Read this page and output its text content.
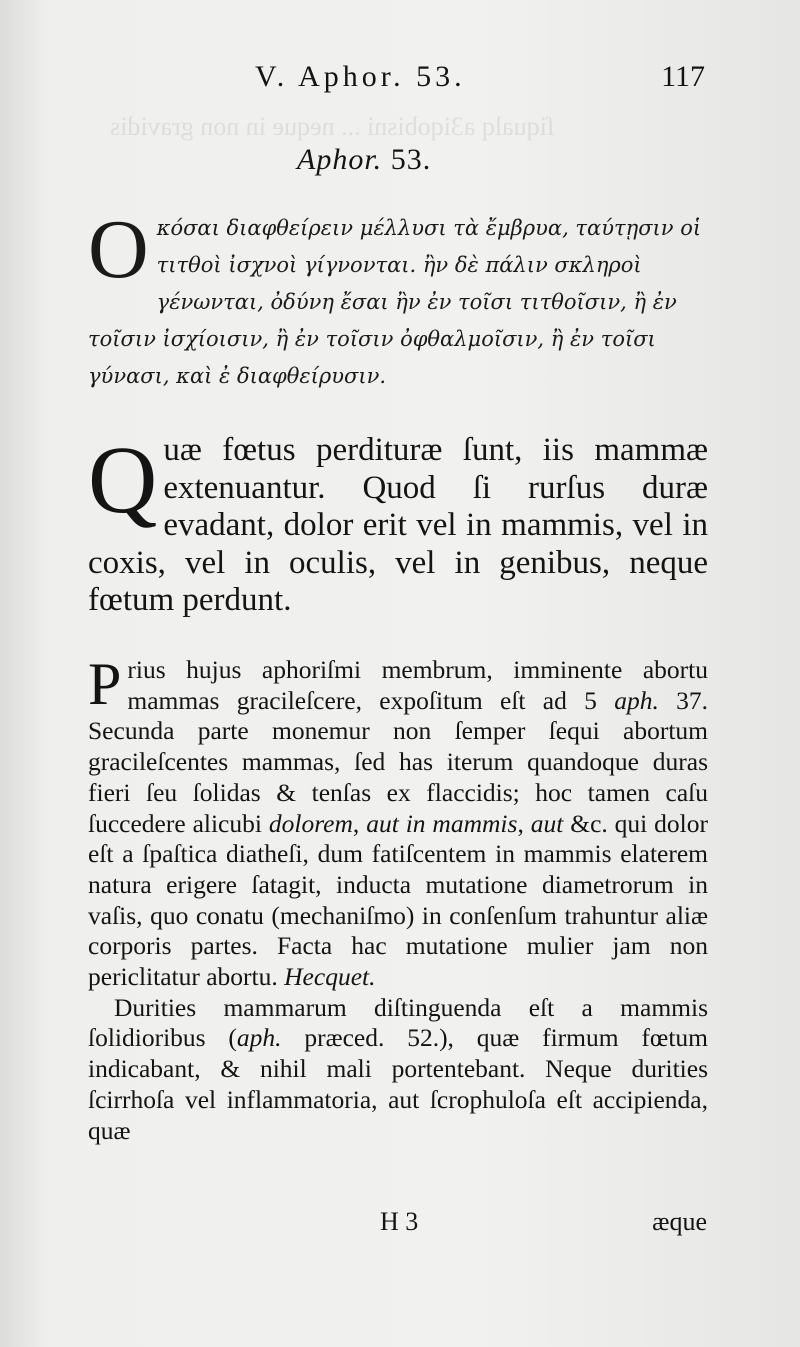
ſiqualq a3iqobisni ... neque in non gravidis
V. Aphor. 53.	117
Aphor. 53.
O κόσαι διαφθείρειν μέλλυσι τὰ ἔμβρυα, ταύτῃσιν οἱ τιτθοὶ ἰσχνοὶ γίγνονται. ἢν δὲ πάλιν σκληροὶ γένωνται, ὀδύνη ἔσαι ἢν ἐν τοῖσι τιτθοῖσιν, ἢ ἐν τοῖσιν ἰσχίοισιν, ἢ ἐν τοῖσιν ὀφθαλμοῖσιν, ἢ ἐν τοῖσι γύνασι, καὶ ἐ διαφθείρυσιν.
Q uæ fœtus perdituræ ſunt, iis mammæ extenuantur. Quod ſi rurſus duræ evadant, dolor erit vel in mammis, vel in coxis, vel in oculis, vel in genibus, neque fœtum perdunt.

Prius hujus aphoriſmi membrum, imminente abortu mammas gracileſcere, expoſitum eſt ad 5 aph. 37. Secunda parte monemur non ſemper ſequi abortum gracileſcentes mammas, ſed has iterum quandoque duras fieri ſeu ſolidas & tenſas ex flaccidis; hoc tamen caſu ſuccedere alicubi dolorem, aut in mammis, aut &c. qui dolor eſt a ſpaſtica diatheſi, dum fatiſcentem in mammis elaterem natura erigere ſatagit, inducta mutatione diametrorum in vaſis, quo conatu (mechaniſmo) in conſenſum trahuntur aliæ corporis partes. Facta hac mutatione mulier jam non periclitatur abortu. Hecquet.

Durities mammarum diſtinguenda eſt a mammis ſolidioribus (aph. præced. 52.), quæ firmum fœtum indicabant, & nihil mali portentebant. Neque durities ſcirrhoſa vel inflammatoria, aut ſcrophuloſa eſt accipienda, quæ

H 3	æque
